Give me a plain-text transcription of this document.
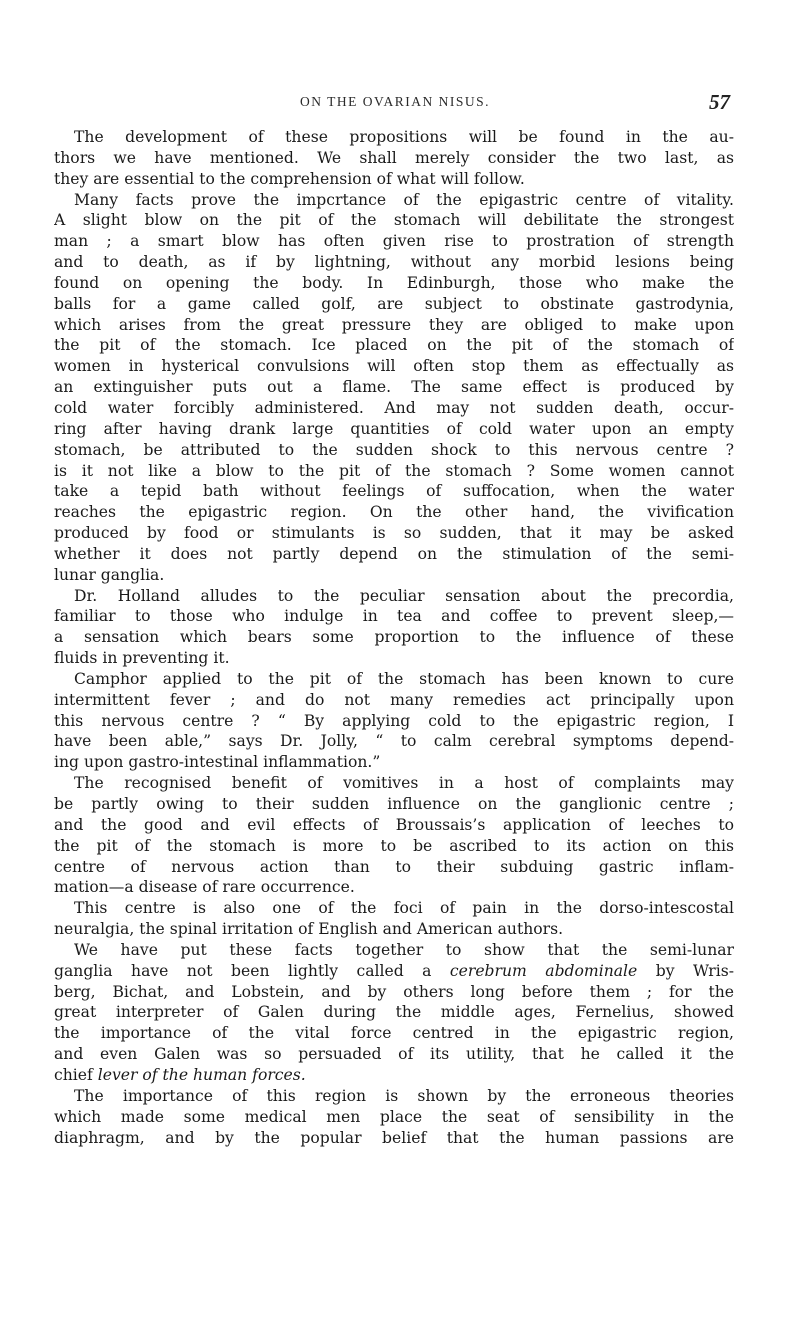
ON THE OVARIAN NISUS.	57
The development of these propositions will be found in the au-
thors we have mentioned. We shall merely consider the two last, as
they are essential to the comprehension of what will follow.
Many facts prove the impcrtance of the epigastric centre of vitality.
A slight blow on the pit of the stomach will debilitate the strongest
man ; a smart blow has often given rise to prostration of strength
and to death, as if by lightning, without any morbid lesions being
found on opening the body. In Edinburgh, those who make the
balls for a game called golf, are subject to obstinate gastrodynia,
which arises from the great pressure they are obliged to make upon
the pit of the stomach. Ice placed on the pit of the stomach of
women in hysterical convulsions will often stop them as effectually as
an extinguisher puts out a flame. The same effect is produced by
cold water forcibly administered. And may not sudden death, occur-
ring after having drank large quantities of cold water upon an empty
stomach, be attributed to the sudden shock to this nervous centre ?
is it not like a blow to the pit of the stomach ? Some women cannot
take a tepid bath without feelings of suffocation, when the water
reaches the epigastric region. On the other hand, the vivification
produced by food or stimulants is so sudden, that it may be asked
whether it does not partly depend on the stimulation of the semi-
lunar ganglia.
Dr. Holland alludes to the peculiar sensation about the precordia,
familiar to those who indulge in tea and coffee to prevent sleep,—
a sensation which bears some proportion to the influence of these
fluids in preventing it.
Camphor applied to the pit of the stomach has been known to cure
intermittent fever ; and do not many remedies act principally upon
this nervous centre ? “ By applying cold to the epigastric region, I
have been able,” says Dr. Jolly, “ to calm cerebral symptoms depend-
ing upon gastro-intestinal inflammation.”
The recognised benefit of vomitives in a host of complaints may
be partly owing to their sudden influence on the ganglionic centre ;
and the good and evil effects of Broussais’s application of leeches to
the pit of the stomach is more to be ascribed to its action on this
centre of nervous action than to their subduing gastric inflam-
mation—a disease of rare occurrence.
This centre is also one of the foci of pain in the dorso-intescostal
neuralgia, the spinal irritation of English and American authors.
We have put these facts together to show that the semi-lunar
ganglia have not been lightly called a cerebrum abdominale by Wris-
berg, Bichat, and Lobstein, and by others long before them ; for the
great interpreter of Galen during the middle ages, Fernelius, showed
the importance of the vital force centred in the epigastric region,
and even Galen was so persuaded of its utility, that he called it the
chief lever of the human forces.
The importance of this region is shown by the erroneous theories
which made some medical men place the seat of sensibility in the
diaphragm, and by the popular belief that the human passions are
